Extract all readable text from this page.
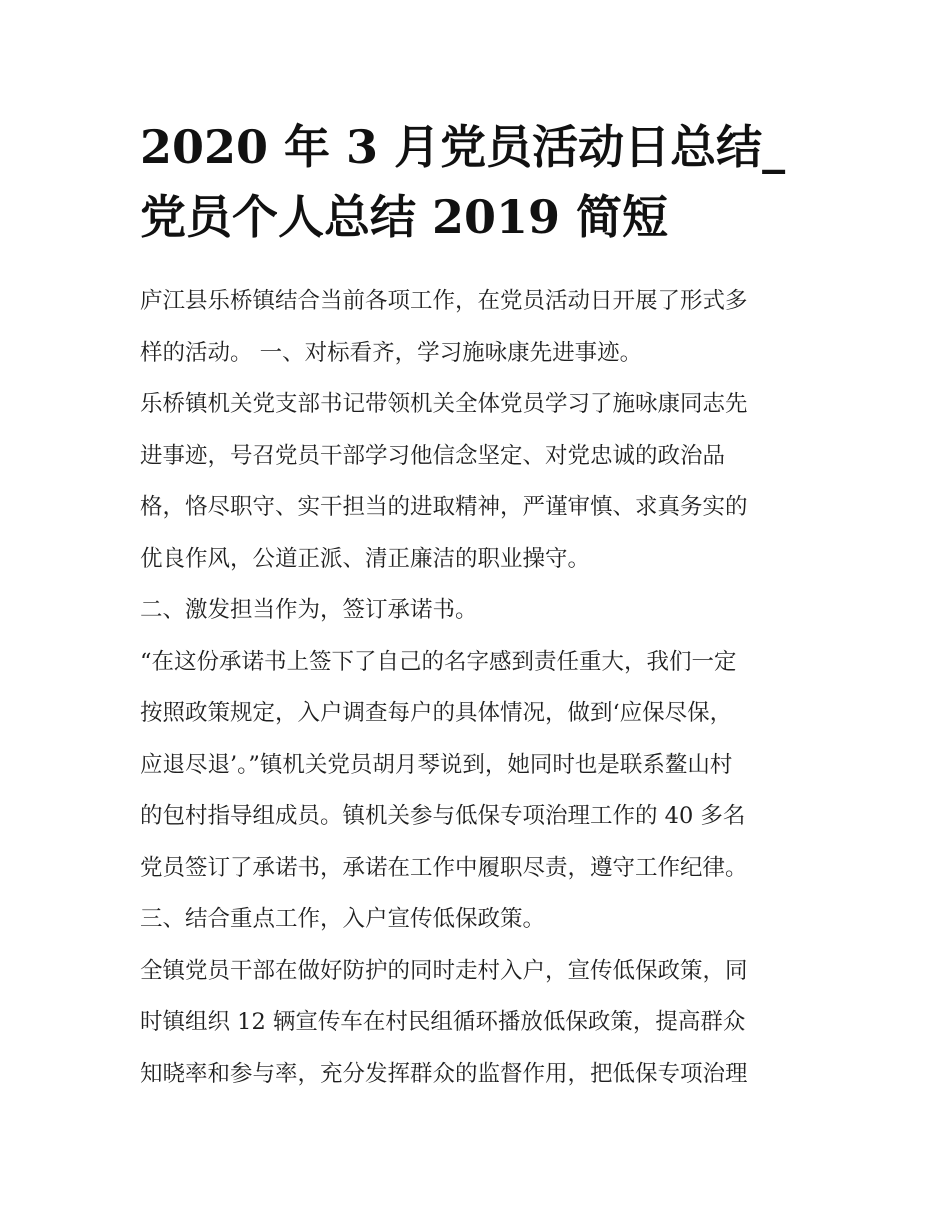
2020 年 3 月党员活动日总结_
党员个人总结 2019 简短
庐江县乐桥镇结合当前各项工作，在党员活动日开展了形式多
样的活动。 一、对标看齐，学习施咏康先进事迹。
乐桥镇机关党支部书记带领机关全体党员学习了施咏康同志先
进事迹，号召党员干部学习他信念坚定、对党忠诚的政治品
格，恪尽职守、实干担当的进取精神，严谨审慎、求真务实的
优良作风，公道正派、清正廉洁的职业操守。
二、激发担当作为，签订承诺书。
“在这份承诺书上签下了自己的名字感到责任重大，我们一定
按照政策规定，入户调查每户的具体情况，做到‘应保尽保，
应退尽退’。”镇机关党员胡月琴说到，她同时也是联系鳌山村
的包村指导组成员。镇机关参与低保专项治理工作的 40 多名
党员签订了承诺书，承诺在工作中履职尽责，遵守工作纪律。
三、结合重点工作，入户宣传低保政策。
全镇党员干部在做好防护的同时走村入户，宣传低保政策，同
时镇组织 12 辆宣传车在村民组循环播放低保政策，提高群众
知晓率和参与率，充分发挥群众的监督作用，把低保专项治理
